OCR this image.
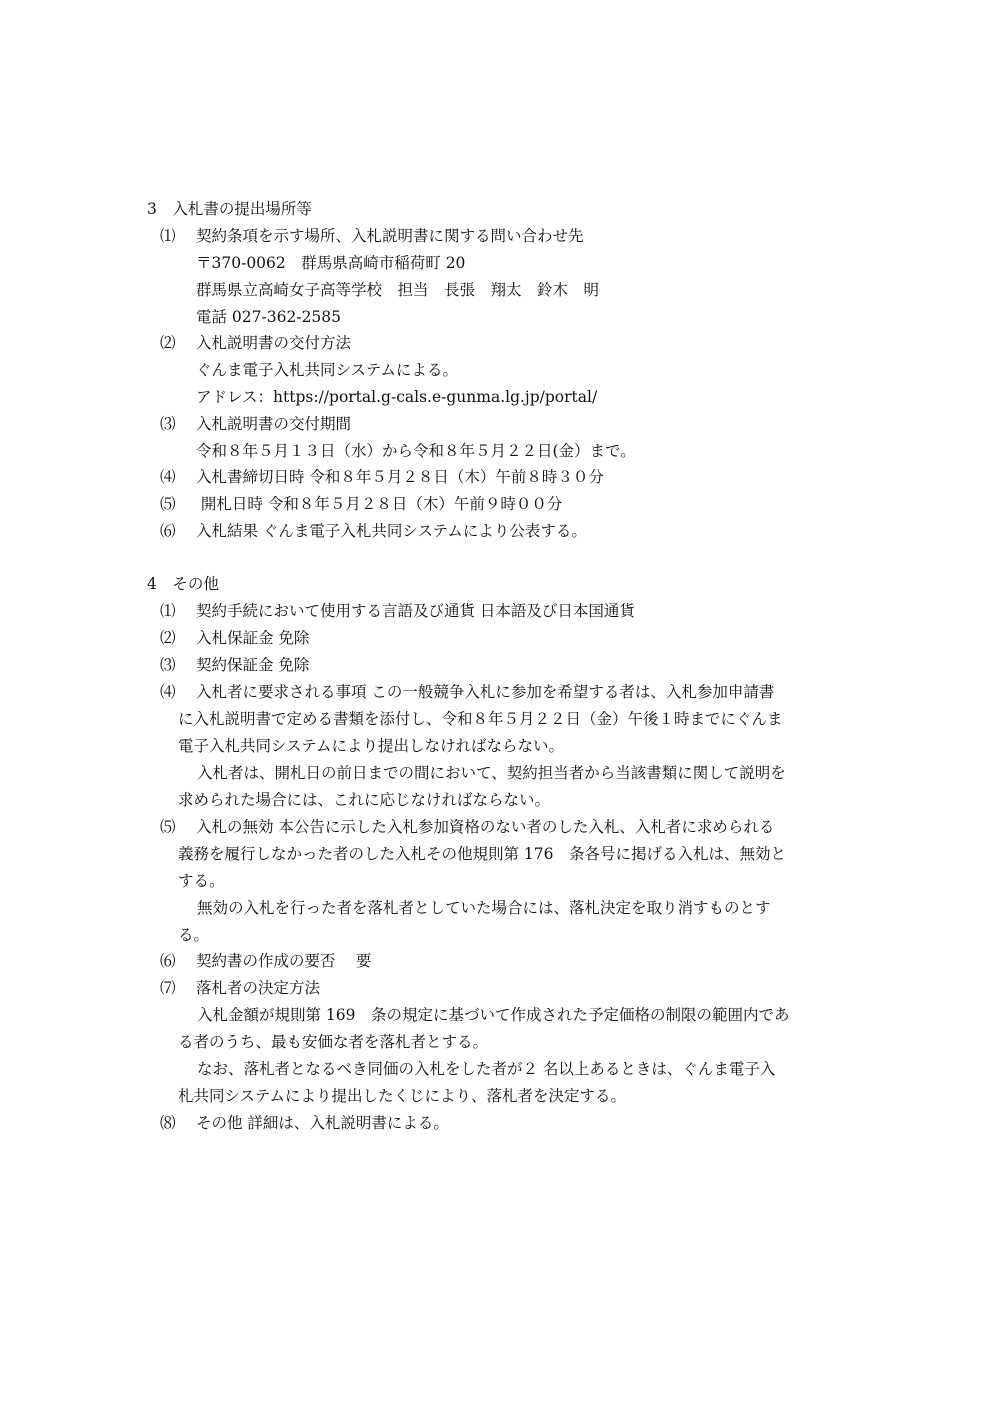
3　入札書の提出場所等
⑴ 契約条項を示す場所、入札説明書に関する問い合わせ先
〒370-0062　群馬県高崎市稲荷町 20
群馬県立高崎女子高等学校　担当　長張　翔太　鈴木　明
電話 027-362-2585
⑵ 入札説明書の交付方法
ぐんま電子入札共同システムによる。
アドレス：https://portal.g-cals.e-gunma.lg.jp/portal/
⑶ 入札説明書の交付期間
令和８年５月１３日（水）から令和８年５月２２日(金）まで。
⑷ 入札書締切日時 令和８年５月２８日（木）午前８時３０分
⑸ 開札日時 令和８年５月２８日（木）午前９時００分
⑹ 入札結果 ぐんま電子入札共同システムにより公表する。
4　その他
⑴ 契約手続において使用する言語及び通貨 日本語及び日本国通貨
⑵ 入札保証金 免除
⑶ 契約保証金 免除
⑷ 入札者に要求される事項 この一般競争入札に参加を希望する者は、入札参加申請書
に入札説明書で定める書類を添付し、令和８年５月２２日（金）午後１時までにぐんま
電子入札共同システムにより提出しなければならない。
入札者は、開札日の前日までの間において、契約担当者から当該書類に関して説明を
求められた場合には、これに応じなければならない。
⑸ 入札の無効 本公告に示した入札参加資格のない者のした入札、入札者に求められる
義務を履行しなかった者のした入札その他規則第 176　条各号に掲げる入札は、無効と
する。
無効の入札を行った者を落札者としていた場合には、落札決定を取り消すものとす
る。
⑹ 契約書の作成の要否　 要
⑺ 落札者の決定方法
入札金額が規則第 169　条の規定に基づいて作成された予定価格の制限の範囲内であ
る者のうち、最も安価な者を落札者とする。
なお、落札者となるべき同価の入札をした者が２ 名以上あるときは、ぐんま電子入
札共同システムにより提出したくじにより、落札者を決定する。
⑻ その他 詳細は、入札説明書による。
